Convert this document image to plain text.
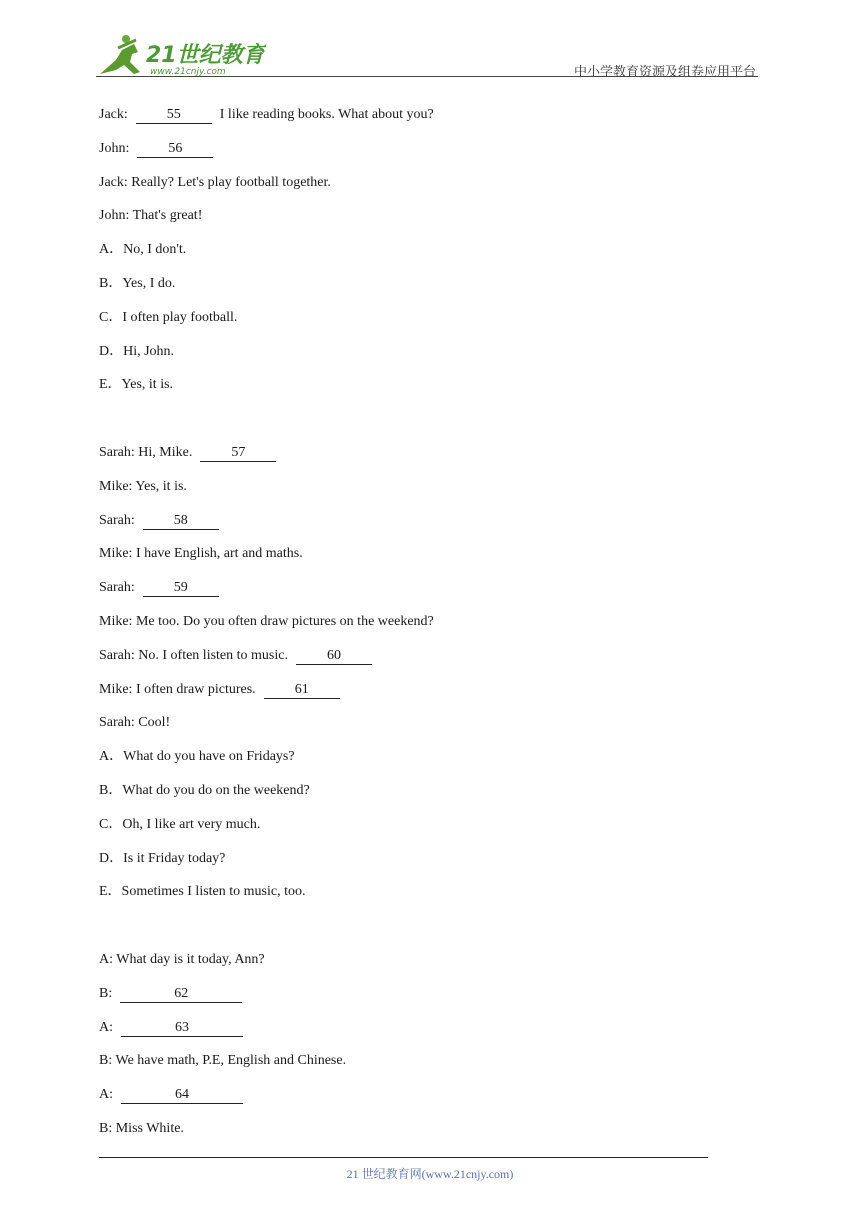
21世纪教育
www.21cnjy.com	中小学教育资源及组卷应用平台
Jack:	55	I like reading books. What about you?
John:	56
Jack: Really? Let's play football together.
John: That's great!
A．No, I don't.
B．Yes, I do.
C．I often play football.
D．Hi, John.
E．Yes, it is.
Sarah: Hi, Mike.	57
Mike: Yes, it is.
Sarah:	58
Mike: I have English, art and maths.
Sarah:	59
Mike: Me too. Do you often draw pictures on the weekend?
Sarah: No. I often listen to music.	60
Mike: I often draw pictures.	61
Sarah: Cool!
A．What do you have on Fridays?
B．What do you do on the weekend?
C．Oh, I like art very much.
D．Is it Friday today?
E．Sometimes I listen to music, too.
A: What day is it today, Ann?
B:	62
A:	63
B: We have math, P.E, English and Chinese.
A:	64
B: Miss White.
21 世纪教育网(www.21cnjy.com)
